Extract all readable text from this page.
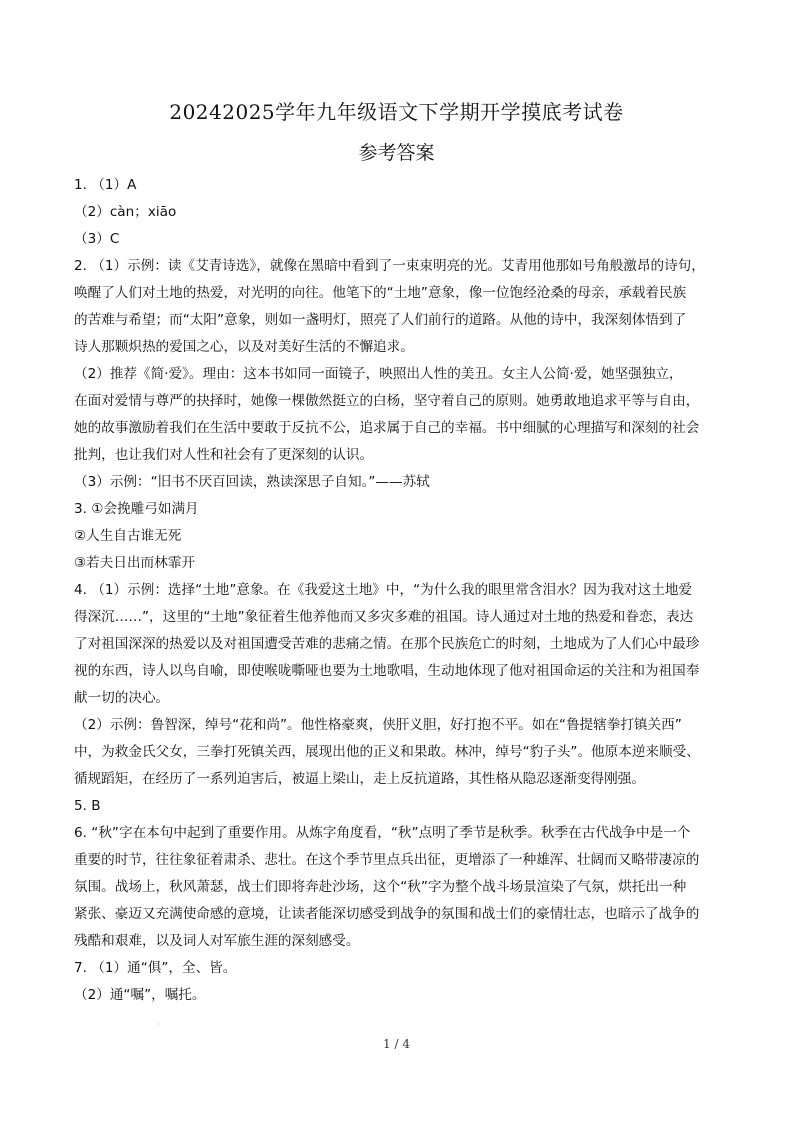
20242025学年九年级语文下学期开学摸底考试卷
参考答案
1. （1）A
（2）càn；xiāo
（3）C
2. （1）示例：读《艾青诗选》，就像在黑暗中看到了一束束明亮的光。艾青用他那如号角般激昂的诗句，
唤醒了人们对土地的热爱，对光明的向往。他笔下的“土地”意象，像一位饱经沧桑的母亲，承载着民族
的苦难与希望；而“太阳”意象，则如一盏明灯，照亮了人们前行的道路。从他的诗中，我深刻体悟到了
诗人那颗炽热的爱国之心，以及对美好生活的不懈追求。
（2）推荐《简·爱》。理由：这本书如同一面镜子，映照出人性的美丑。女主人公简·爱，她坚强独立，
在面对爱情与尊严的抉择时，她像一棵傲然挺立的白杨，坚守着自己的原则。她勇敢地追求平等与自由，
她的故事激励着我们在生活中要敢于反抗不公，追求属于自己的幸福。书中细腻的心理描写和深刻的社会
批判，也让我们对人性和社会有了更深刻的认识。
（3）示例：“旧书不厌百回读，熟读深思子自知。”——苏轼
3. ①会挽雕弓如满月
②人生自古谁无死
③若夫日出而林霏开
4. （1）示例：选择“土地”意象。在《我爱这土地》中，“为什么我的眼里常含泪水？因为我对这土地爱
得深沉……”，这里的“土地”象征着生他养他而又多灾多难的祖国。诗人通过对土地的热爱和眷恋，表达
了对祖国深深的热爱以及对祖国遭受苦难的悲痛之情。在那个民族危亡的时刻，土地成为了人们心中最珍
视的东西，诗人以鸟自喻，即使喉咙嘶哑也要为土地歌唱，生动地体现了他对祖国命运的关注和为祖国奉
献一切的决心。
（2）示例：鲁智深，绰号“花和尚”。他性格豪爽，侠肝义胆，好打抱不平。如在“鲁提辖拳打镇关西”
中，为救金氏父女，三拳打死镇关西，展现出他的正义和果敢。林冲，绰号“豹子头”。他原本逆来顺受、
循规蹈矩，在经历了一系列迫害后，被逼上梁山，走上反抗道路，其性格从隐忍逐渐变得刚强。
5. B
6. “秋”字在本句中起到了重要作用。从炼字角度看，“秋”点明了季节是秋季。秋季在古代战争中是一个
重要的时节，往往象征着肃杀、悲壮。在这个季节里点兵出征，更增添了一种雄浑、壮阔而又略带凄凉的
氛围。战场上，秋风萧瑟，战士们即将奔赴沙场，这个“秋”字为整个战斗场景渲染了气氛，烘托出一种
紧张、豪迈又充满使命感的意境，让读者能深切感受到战争的氛围和战士们的豪情壮志，也暗示了战争的
残酷和艰难，以及词人对军旅生涯的深刻感受。
7. （1）通“俱”，全、皆。
（2）通“嘱”，嘱托。
·
1 / 4
